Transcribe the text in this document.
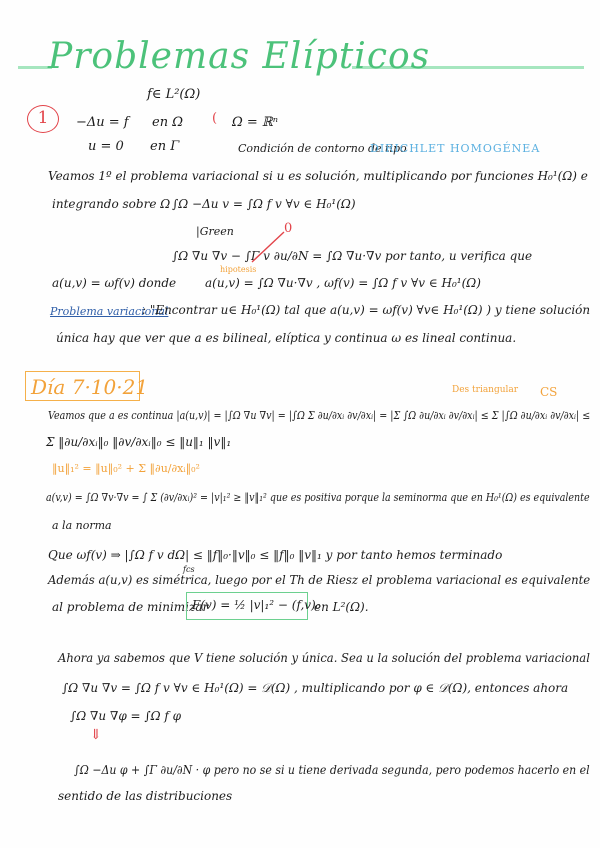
Problemas Elípticos
1	−Δu = f en Ω	Ω = ℝⁿ
f∈ L²(Ω)
(
u = 0 en Γ	Condición de contorno de tipo
DIRICHLET HOMOGÉNEA
Veamos 1º el problema variacional si u es solución, multiplicando por funciones H₀¹(Ω) e
integrando sobre Ω ∫Ω −Δu v = ∫Ω f v ∀v ∈ H₀¹(Ω)
|Green
∫Ω ∇u ∇v − ∫Γ v ∂u/∂N = ∫Ω ∇u·∇v por tanto, u verifica que
hipotesis
0
a(u,v) = ωf(v) donde a(u,v) = ∫Ω ∇u·∇v , ωf(v) = ∫Ω f v ∀v ∈ H₀¹(Ω)
Problema variacional
: "Encontrar u∈ H₀¹(Ω) tal que a(u,v) = ωf(v) ∀v∈ H₀¹(Ω) ) y tiene solución
única hay que ver que a es bilineal, elíptica y continua ω es lineal continua.
Día 7·10·21	Des triangular CS
Veamos que a es continua |a(u,v)| = |∫Ω ∇u ∇v| = |∫Ω Σ ∂u/∂xᵢ ∂v/∂xᵢ| = |Σ ∫Ω ∂u/∂xᵢ ∂v/∂xᵢ| ≤ Σ |∫Ω ∂u/∂xᵢ ∂v/∂xᵢ| ≤
Σ ‖∂u/∂xᵢ‖₀ ‖∂v/∂xᵢ‖₀ ≤ ‖u‖₁ ‖v‖₁
‖u‖₁² = ‖u‖₀² + Σ ‖∂u/∂xᵢ‖₀²
a(v,v) = ∫Ω ∇v·∇v = ∫ Σ (∂v/∂xᵢ)² = |v|₁² ≥ ‖v‖₁² que es positiva porque la seminorma que en H₀¹(Ω) es equivalente
a la norma
Que ωf(v) ⇒ |∫Ω f v dΩ| ≤ ‖f‖₀·‖v‖₀ ≤ ‖f‖₀ ‖v‖₁ y por tanto hemos terminado
fcs
Además a(u,v) es simétrica, luego por el Th de Riesz el problema variacional es equivalente
al problema de minimizar
F(v) = ½ |v|₁² − (f,v)₀
en L²(Ω).
Ahora ya sabemos que V tiene solución y única. Sea u la solución del problema variacional
∫Ω ∇u ∇v = ∫Ω f v ∀v ∈ H₀¹(Ω) = 𝒟(Ω) , multiplicando por φ ∈ 𝒟(Ω), entonces ahora
∫Ω ∇u ∇φ = ∫Ω f φ
⇓
∫Ω −Δu φ + ∫Γ ∂u/∂N · φ pero no se si u tiene derivada segunda, pero podemos hacerlo en el
sentido de las distribuciones
